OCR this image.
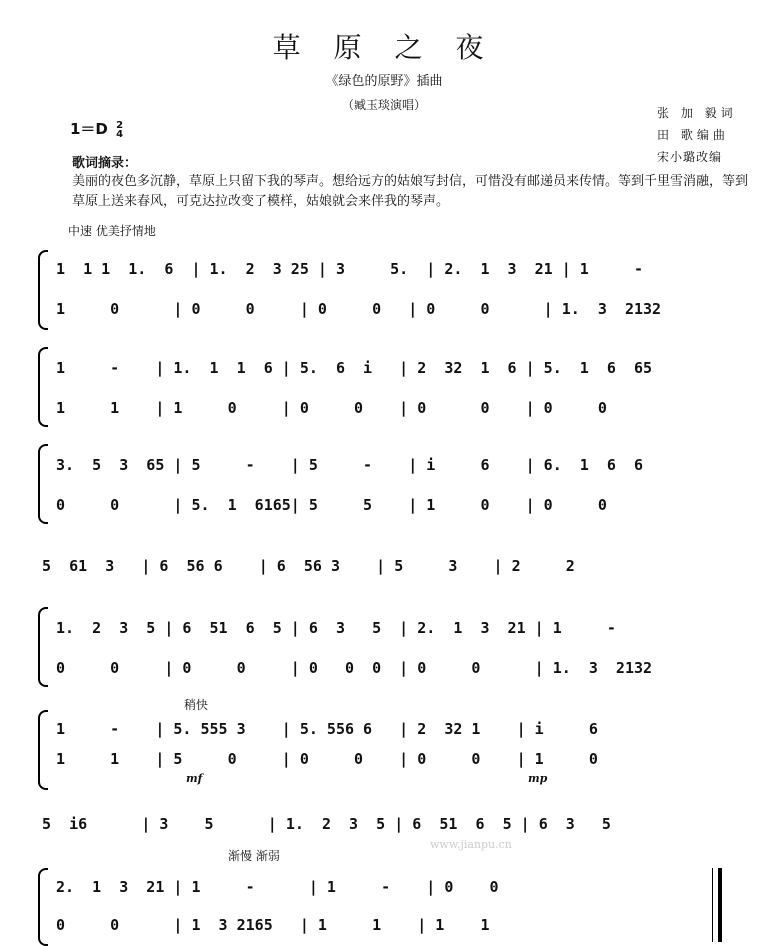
草 原 之 夜
《绿色的原野》插曲
（臧玉琰演唱）
张 加 毅词
田 歌编曲
宋小璐改编
1＝D 2
4
歌词摘录：
美丽的夜色多沉静，草原上只留下我的琴声。想给远方的姑娘写封信，可惜没有邮递员来传情。等到千里雪消融，等到草原上送来春风，可克达拉改变了模样，姑娘就会来伴我的琴声。
中速 优美抒情地
稍快
渐慢 渐弱
1  1 1  1.  6  | 1.  2  3 25 | 3     5.  | 2.  1  3  21 | 1     -
1     0      | 0     0     | 0     0   | 0     0      | 1.  3  2132
1     -    | 1.  1  1  6 | 5.  6  i   | 2  32  1  6 | 5.  1  6  65
1     1    | 1     0     | 0     0    | 0      0    | 0     0
3.  5  3  65 | 5     -    | 5     -    | i     6    | 6.  1  6  6
0     0      | 5.  1  6165| 5     5    | 1     0    | 0     0
5  61  3   | 6  56 6    | 6  56 3    | 5     3    | 2     2
1.  2  3  5 | 6  51  6  5 | 6  3   5  | 2.  1  3  21 | 1     -
0     0     | 0     0     | 0   0  0  | 0     0      | 1.  3  2132
1     -    | 5. 555 3    | 5. 556 6   | 2  32 1    | i     6
1     1    | 5     0     | 0     0    | 0     0    | 1     0
mf	mp
5  i6      | 3    5      | 1.  2  3  5 | 6  51  6  5 | 6  3   5
2.  1  3  21 | 1     -      | 1     -    | 0    0
0     0      | 1  3 2165   | 1     1    | 1    1
www.jianpu.cn
